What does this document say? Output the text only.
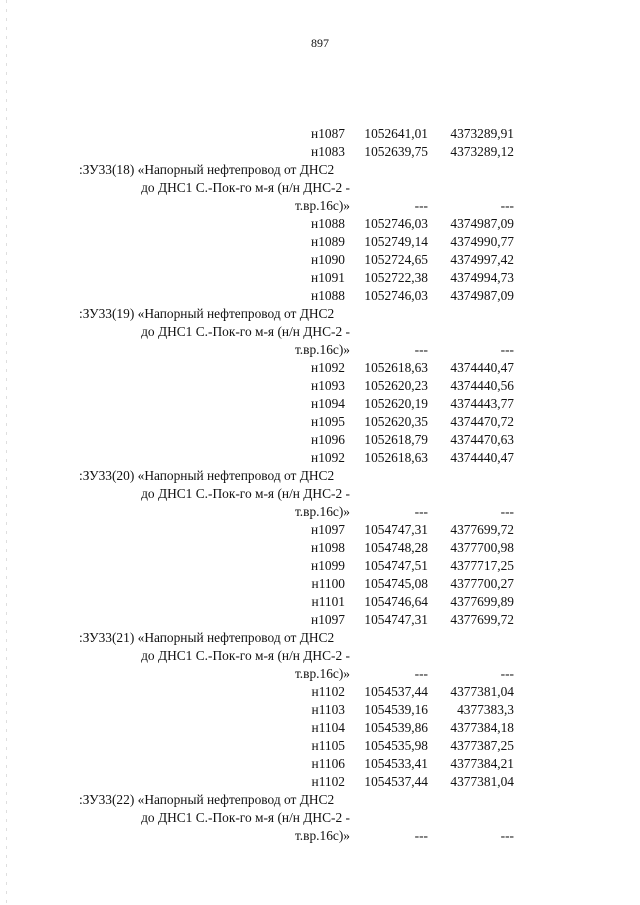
897
н1087 1052641,01 4373289,91
н1083 1052639,75 4373289,12
:ЗУ33(18) «Напорный нефтепровод от ДНС2
до ДНС1 С.-Пок-го м-я (н/н ДНС-2 -
т.вр.16с)»	---	---
н1088 1052746,03 4374987,09
н1089 1052749,14 4374990,77
н1090 1052724,65 4374997,42
н1091 1052722,38 4374994,73
н1088 1052746,03 4374987,09
:ЗУ33(19) «Напорный нефтепровод от ДНС2
до ДНС1 С.-Пок-го м-я (н/н ДНС-2 -
т.вр.16с)»	---	---
н1092 1052618,63 4374440,47
н1093 1052620,23 4374440,56
н1094 1052620,19 4374443,77
н1095 1052620,35 4374470,72
н1096 1052618,79 4374470,63
н1092 1052618,63 4374440,47
:ЗУ33(20) «Напорный нефтепровод от ДНС2
до ДНС1 С.-Пок-го м-я (н/н ДНС-2 -
т.вр.16с)»	---	---
н1097 1054747,31 4377699,72
н1098 1054748,28 4377700,98
н1099 1054747,51 4377717,25
н1100 1054745,08 4377700,27
н1101 1054746,64 4377699,89
н1097 1054747,31 4377699,72
:ЗУ33(21) «Напорный нефтепровод от ДНС2
до ДНС1 С.-Пок-го м-я (н/н ДНС-2 -
т.вр.16с)»	---	---
н1102 1054537,44 4377381,04
н1103 1054539,16 4377383,3
н1104 1054539,86 4377384,18
н1105 1054535,98 4377387,25
н1106 1054533,41 4377384,21
н1102 1054537,44 4377381,04
:ЗУ33(22) «Напорный нефтепровод от ДНС2
до ДНС1 С.-Пок-го м-я (н/н ДНС-2 -
т.вр.16с)»	---	---
